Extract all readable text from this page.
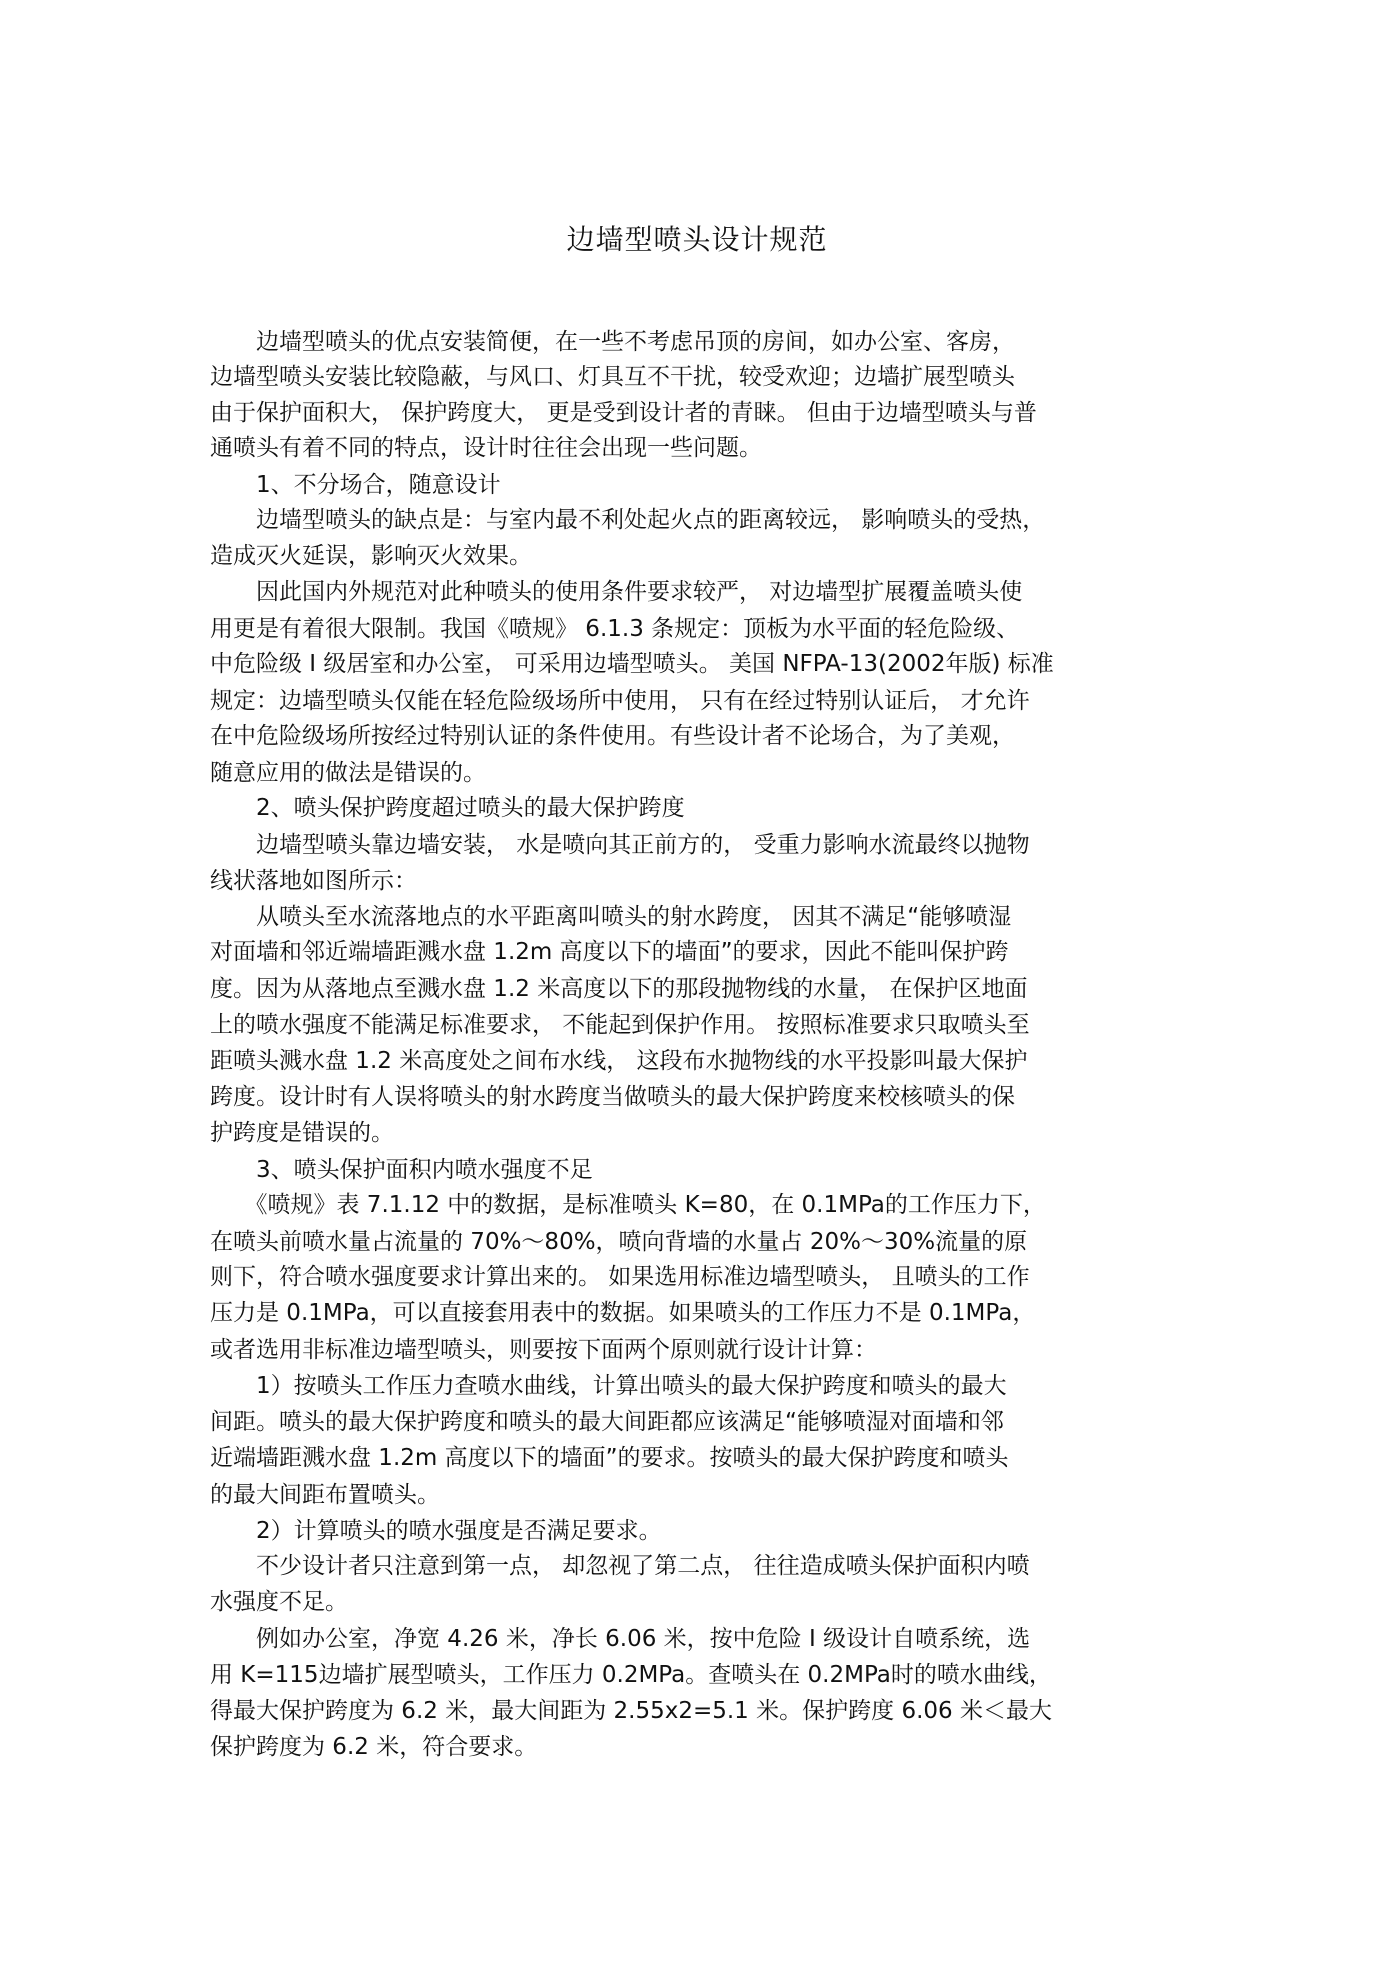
边墙型喷头设计规范
　　边墙型喷头的优点安装简便，在一些不考虑吊顶的房间，如办公室、客房，
边墙型喷头安装比较隐蔽，与风口、灯具互不干扰，较受欢迎；边墙扩展型喷头
由于保护面积大， 保护跨度大， 更是受到设计者的青睐。 但由于边墙型喷头与普
通喷头有着不同的特点，设计时往往会出现一些问题。
　　1、不分场合，随意设计
　　边墙型喷头的缺点是：与室内最不利处起火点的距离较远， 影响喷头的受热，
造成灭火延误，影响灭火效果。
　　因此国内外规范对此种喷头的使用条件要求较严， 对边墙型扩展覆盖喷头使
用更是有着很大限制。我国《喷规》 6.1.3 条规定：顶板为水平面的轻危险级、
中危险级 Ⅰ 级居室和办公室， 可采用边墙型喷头。 美国 NFPA-13(2002年版) 标准
规定：边墙型喷头仅能在轻危险级场所中使用， 只有在经过特别认证后， 才允许
在中危险级场所按经过特别认证的条件使用。有些设计者不论场合，为了美观，
随意应用的做法是错误的。
　　2、喷头保护跨度超过喷头的最大保护跨度
　　边墙型喷头靠边墙安装， 水是喷向其正前方的， 受重力影响水流最终以抛物
线状落地如图所示：
　　从喷头至水流落地点的水平距离叫喷头的射水跨度， 因其不满足“能够喷湿
对面墙和邻近端墙距溅水盘 1.2m 高度以下的墙面”的要求，因此不能叫保护跨
度。因为从落地点至溅水盘 1.2 米高度以下的那段抛物线的水量， 在保护区地面
上的喷水强度不能满足标准要求， 不能起到保护作用。 按照标准要求只取喷头至
距喷头溅水盘 1.2 米高度处之间布水线， 这段布水抛物线的水平投影叫最大保护
跨度。设计时有人误将喷头的射水跨度当做喷头的最大保护跨度来校核喷头的保
护跨度是错误的。
　　3、喷头保护面积内喷水强度不足
　　《喷规》表 7.1.12 中的数据，是标准喷头 K=80，在 0.1MPa的工作压力下，
在喷头前喷水量占流量的 70%～80%，喷向背墙的水量占 20%～30%流量的原
则下，符合喷水强度要求计算出来的。 如果选用标准边墙型喷头， 且喷头的工作
压力是 0.1MPa，可以直接套用表中的数据。如果喷头的工作压力不是 0.1MPa，
或者选用非标准边墙型喷头，则要按下面两个原则就行设计计算：
　　1）按喷头工作压力查喷水曲线，计算出喷头的最大保护跨度和喷头的最大
间距。喷头的最大保护跨度和喷头的最大间距都应该满足“能够喷湿对面墙和邻
近端墙距溅水盘 1.2m 高度以下的墙面”的要求。按喷头的最大保护跨度和喷头
的最大间距布置喷头。
　　2）计算喷头的喷水强度是否满足要求。
　　不少设计者只注意到第一点， 却忽视了第二点， 往往造成喷头保护面积内喷
水强度不足。
　　例如办公室，净宽 4.26 米，净长 6.06 米，按中危险 Ⅰ 级设计自喷系统，选
用 K=115边墙扩展型喷头，工作压力 0.2MPa。查喷头在 0.2MPa时的喷水曲线，
得最大保护跨度为 6.2 米，最大间距为 2.55x2=5.1 米。保护跨度 6.06 米＜最大
保护跨度为 6.2 米，符合要求。
